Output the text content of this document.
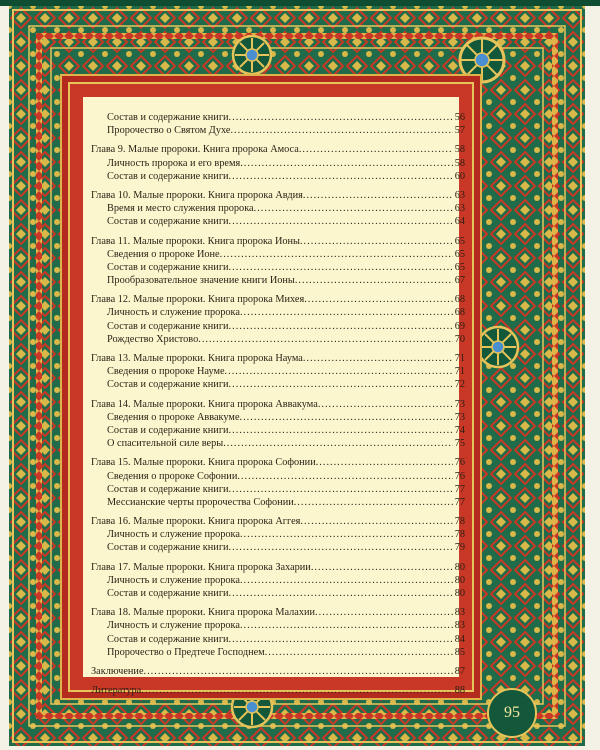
Состав и содержание книги .....	56
Пророчество о Святом Духе .....	57
Глава 9. Малые пророки. Книга пророка Амоса .....	58
Личность пророка и его время .....	58
Состав и содержание книги .....	60
Глава 10. Малые пророки. Книга пророка Авдия .....	63
Время и место служения пророка .....	63
Состав и содержание книги .....	64
Глава 11. Малые пророки. Книга пророка Ионы .....	65
Сведения о пророке Ионе .....	65
Состав и содержание книги .....	65
Прообразовательное значение книги Ионы .....	67
Глава 12. Малые пророки. Книга пророка Михея .....	68
Личность и служение пророка .....	68
Состав и содержание книги .....	69
Рождество Христово .....	70
Глава 13. Малые пророки. Книга пророка Наума .....	71
Сведения о пророке Науме .....	71
Состав и содержание книги .....	72
Глава 14. Малые пророки. Книга пророка Аввакума .....	73
Сведения о пророке Аввакуме .....	73
Состав и содержание книги .....	74
О спасительной силе веры .....	75
Глава 15. Малые пророки. Книга пророка Софонии .....	76
Сведения о пророке Софонии .....	76
Состав и содержание книги .....	77
Мессианские черты пророчества Софонии .....	77
Глава 16. Малые пророки. Книга пророка Аггея .....	78
Личность и служение пророка .....	78
Состав и содержание книги .....	79
Глава 17. Малые пророки. Книга пророка Захарии .....	80
Личность и служение пророка .....	80
Состав и содержание книги .....	80
Глава 18. Малые пророки. Книга пророка Малахии .....	83
Личность и служение пророка .....	83
Состав и содержание книги .....	84
Пророчество о Предтече Господнем .....	85
Заключение .....	87
Литература .....	88
95
